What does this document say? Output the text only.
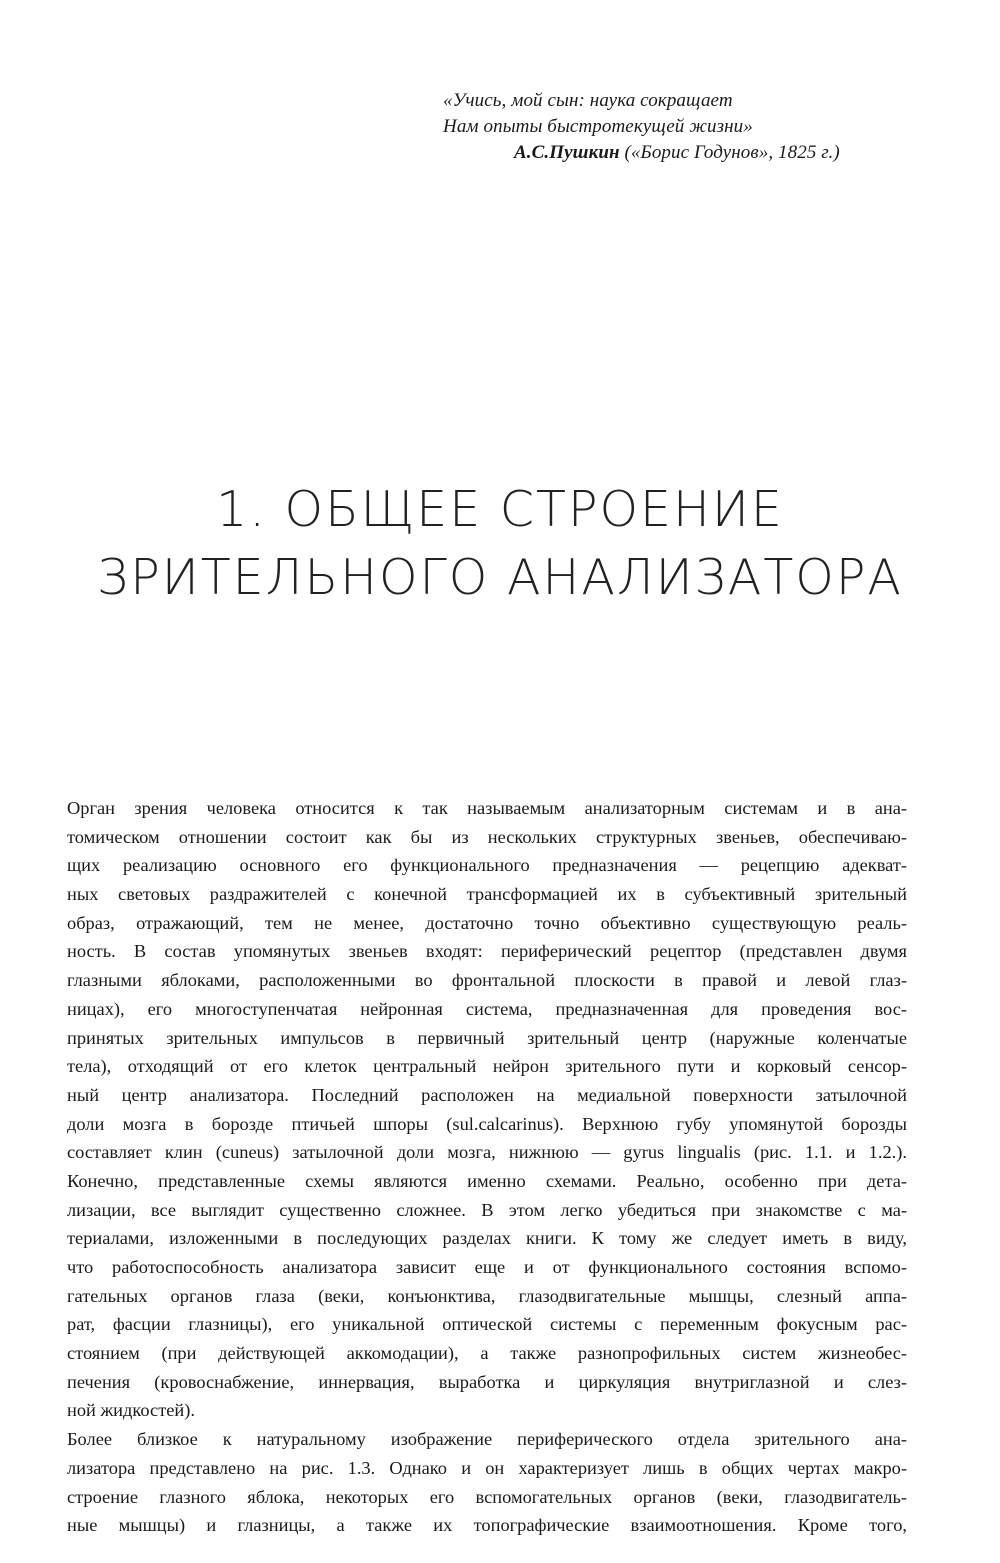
«Учись, мой сын: наука сокращает
Нам опыты быстротекущей жизни»
А.С.Пушкин («Борис Годунов», 1825 г.)
1. ОБЩЕЕ СТРОЕНИЕ
ЗРИТЕЛЬНОГО АНАЛИЗАТОРА
Орган зрения человека относится к так называемым анализаторным системам и в ана-
томическом отношении состоит как бы из нескольких структурных звеньев, обеспечиваю-
щих реализацию основного его функционального предназначения — рецепцию адекват-
ных световых раздражителей с конечной трансформацией их в субъективный зрительный
образ, отражающий, тем не менее, достаточно точно объективно существующую реаль-
ность. В состав упомянутых звеньев входят: периферический рецептор (представлен двумя
глазными яблоками, расположенными во фронтальной плоскости в правой и левой глаз-
ницах), его многоступенчатая нейронная система, предназначенная для проведения вос-
принятых зрительных импульсов в первичный зрительный центр (наружные коленчатые
тела), отходящий от его клеток центральный нейрон зрительного пути и корковый сенсор-
ный центр анализатора. Последний расположен на медиальной поверхности затылочной
доли мозга в борозде птичьей шпоры (sul.calcarinus). Верхнюю губу упомянутой борозды
составляет клин (cuneus) затылочной доли мозга, нижнюю — gyrus lingualis (рис. 1.1. и 1.2.).
Конечно, представленные схемы являются именно схемами. Реально, особенно при дета-
лизации, все выглядит существенно сложнее. В этом легко убедиться при знакомстве с ма-
териалами, изложенными в последующих разделах книги. К тому же следует иметь в виду,
что работоспособность анализатора зависит еще и от функционального состояния вспомо-
гательных органов глаза (веки, конъюнктива, глазодвигательные мышцы, слезный аппа-
рат, фасции глазницы), его уникальной оптической системы с переменным фокусным рас-
стоянием (при действующей аккомодации), а также разнопрофильных систем жизнеобес-
печения (кровоснабжение, иннервация, выработка и циркуляция внутриглазной и слез-
ной жидкостей).
Более близкое к натуральному изображение периферического отдела зрительного ана-
лизатора представлено на рис. 1.3. Однако и он характеризует лишь в общих чертах макро-
строение глазного яблока, некоторых его вспомогательных органов (веки, глазодвигатель-
ные мышцы) и глазницы, а также их топографические взаимоотношения. Кроме того,
